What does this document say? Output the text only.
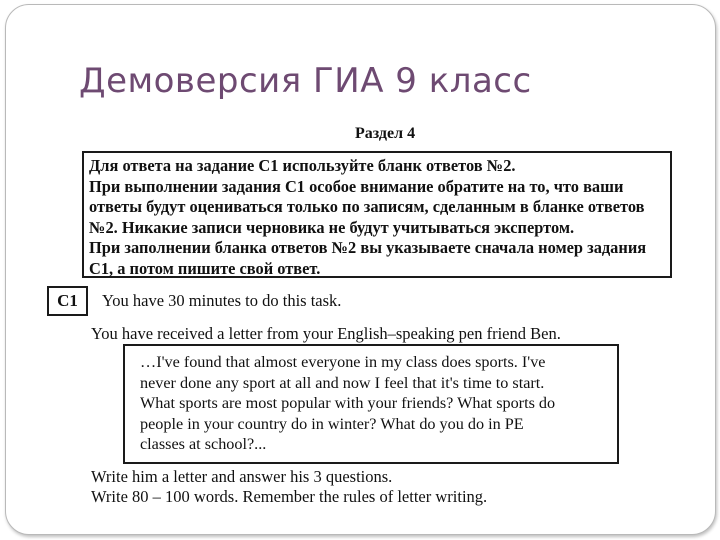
Демоверсия ГИА 9 класс
Раздел 4
Для ответа на задание С1 используйте бланк ответов №2.
При выполнении задания С1 особое внимание обратите на то, что ваши
ответы будут оцениваться только по записям, сделанным в бланке ответов
№2. Никакие записи черновика не будут учитываться экспертом.
При заполнении бланка ответов №2 вы указываете сначала номер задания
С1, а потом пишите свой ответ.
C1	You have 30 minutes to do this task.
You have received a letter from your English–speaking pen friend Ben.
…I've found that almost everyone in my class does sports. I've
never done any sport at all and now I feel that it's time to start.
What sports are most popular with your friends? What sports do
people in your country do in winter? What do you do in PE
classes at school?...
Write him a letter and answer his 3 questions.
Write 80 – 100 words. Remember the rules of letter writing.
